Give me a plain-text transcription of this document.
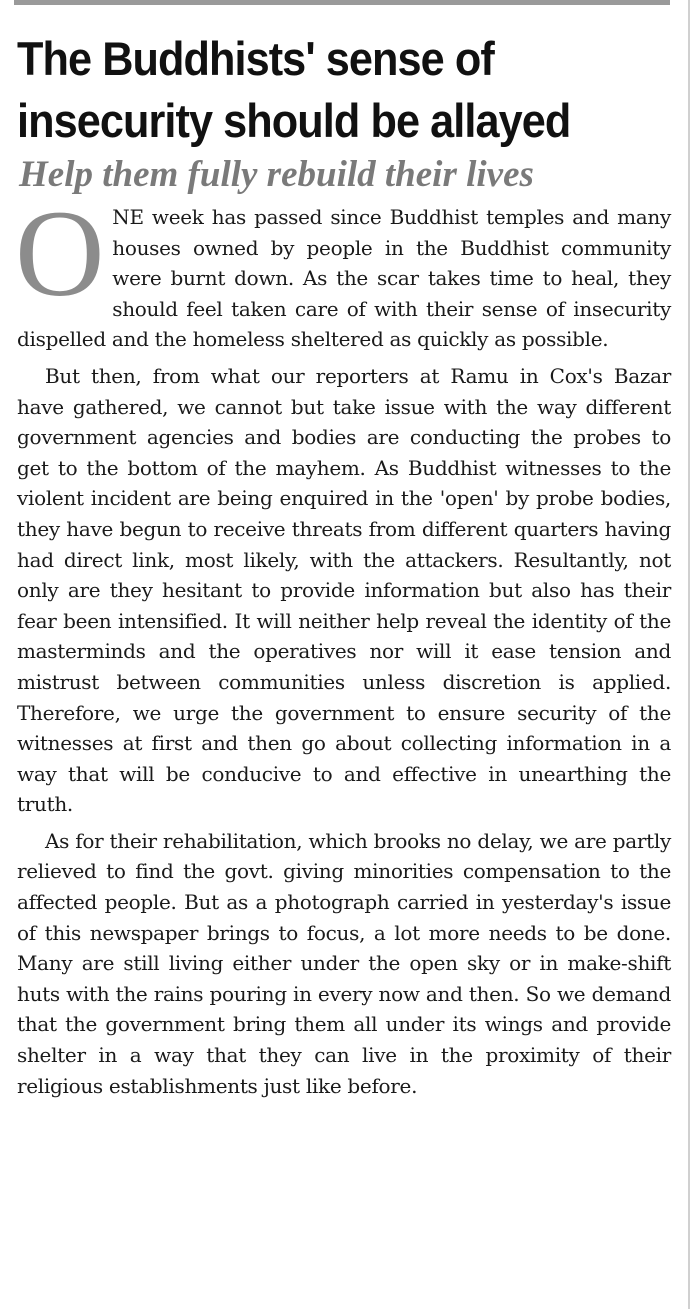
The Buddhists' sense of
insecurity should be allayed
Help them fully rebuild their lives

ONE week has passed since Buddhist temples and many houses owned by people in the Buddhist community were burnt down. As the scar takes time to heal, they should feel taken care of with their sense of insecurity dispelled and the homeless sheltered as quickly as possible.

But then, from what our reporters at Ramu in Cox's Bazar have gathered, we cannot but take issue with the way different government agencies and bodies are conducting the probes to get to the bottom of the mayhem. As Buddhist witnesses to the violent incident are being enquired in the 'open' by probe bodies, they have begun to receive threats from different quarters having had direct link, most likely, with the attackers. Resultantly, not only are they hesitant to provide information but also has their fear been intensified. It will neither help reveal the identity of the masterminds and the operatives nor will it ease tension and mistrust between communities unless discretion is applied. Therefore, we urge the government to ensure security of the witnesses at first and then go about collecting information in a way that will be conducive to and effective in unearthing the truth.

As for their rehabilitation, which brooks no delay, we are partly relieved to find the govt. giving minorities compensation to the affected people. But as a photograph carried in yesterday's issue of this newspaper brings to focus, a lot more needs to be done. Many are still living either under the open sky or in make-shift huts with the rains pouring in every now and then. So we demand that the government bring them all under its wings and provide shelter in a way that they can live in the proximity of their religious establishments just like before.
